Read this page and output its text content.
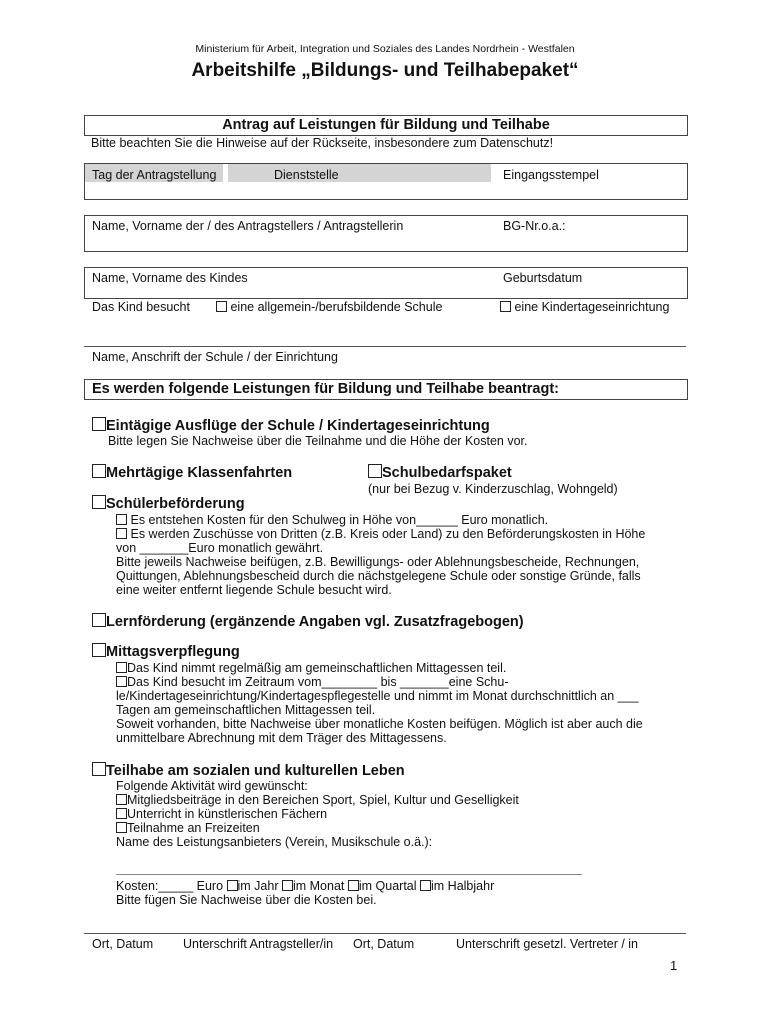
Ministerium für Arbeit, Integration und Soziales des Landes Nordrhein - Westfalen
Arbeitshilfe „Bildungs- und Teilhabepaket“
Antrag auf Leistungen für Bildung und Teilhabe
Bitte beachten Sie die Hinweise auf der Rückseite, insbesondere zum Datenschutz!
Tag der Antragstellung	Dienststelle	Eingangsstempel
Name, Vorname der / des Antragstellers / Antragstellerin	BG-Nr.o.a.:
Name, Vorname des Kindes	Geburtsdatum
Das Kind besucht	eine allgemein-/berufsbildende Schule	eine Kindertageseinrichtung
Name, Anschrift der Schule / der Einrichtung
Es werden folgende Leistungen für Bildung und Teilhabe beantragt:
Eintägige Ausflüge der Schule / Kindertageseinrichtung
Bitte legen Sie Nachweise über die Teilnahme und die Höhe der Kosten vor.
Mehrtägige Klassenfahrten	Schulbedarfspaket
(nur bei Bezug v. Kinderzuschlag, Wohngeld)
Schülerbeförderung
Es entstehen Kosten für den Schulweg in Höhe von______ Euro monatlich.
Es werden Zuschüsse von Dritten (z.B. Kreis oder Land) zu den Beförderungskosten in Höhe
von _______Euro monatlich gewährt.
Bitte jeweils Nachweise beifügen, z.B. Bewilligungs- oder Ablehnungsbescheide, Rechnungen,
Quittungen, Ablehnungsbescheid durch die nächstgelegene Schule oder sonstige Gründe, falls
eine weiter entfernt liegende Schule besucht wird.
Lernförderung (ergänzende Angaben vgl. Zusatzfragebogen)
Mittagsverpflegung
Das Kind nimmt regelmäßig am gemeinschaftlichen Mittagessen teil.
Das Kind besucht im Zeitraum vom________ bis _______eine Schu-
le/Kindertageseinrichtung/Kindertagespflegestelle und nimmt im Monat durchschnittlich an ___
Tagen am gemeinschaftlichen Mittagessen teil.
Soweit vorhanden, bitte Nachweise über monatliche Kosten beifügen. Möglich ist aber auch die
unmittelbare Abrechnung mit dem Träger des Mittagessens.
Teilhabe am sozialen und kulturellen Leben
Folgende Aktivität wird gewünscht:
Mitgliedsbeiträge in den Bereichen Sport, Spiel, Kultur und Geselligkeit
Unterricht in künstlerischen Fächern
Teilnahme an Freizeiten
Name des Leistungsanbieters (Verein, Musikschule o.ä.):
Kosten:_____ Euro im Jahr im Monat im Quartal im Halbjahr
Bitte fügen Sie Nachweise über die Kosten bei.
Ort, Datum Unterschrift Antragsteller/in Ort, Datum	Unterschrift gesetzl. Vertreter / in
1
